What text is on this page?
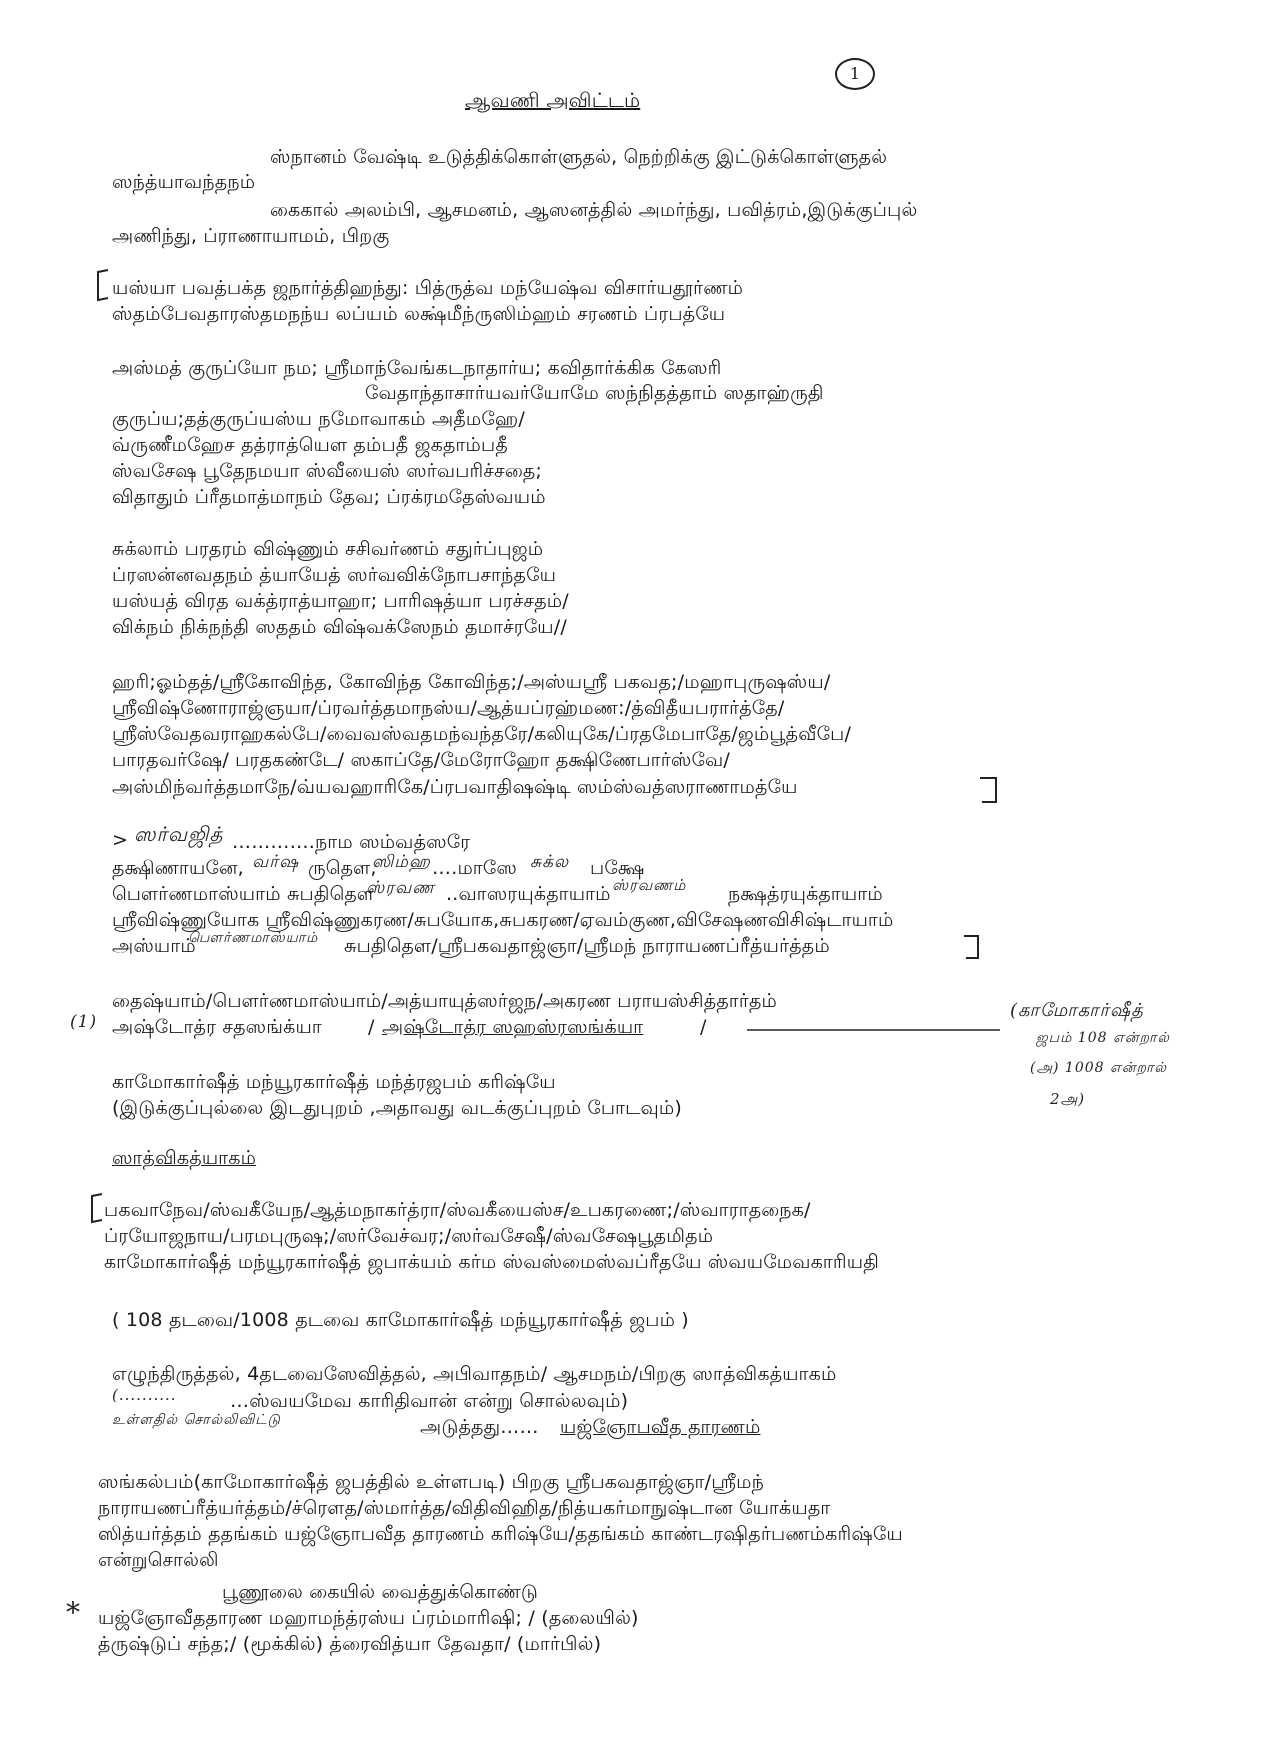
1
ஆவணி அவிட்டம்
ஸ்நானம் வேஷ்டி உடுத்திக்கொள்ளுதல், நெற்றிக்கு இட்டுக்கொள்ளுதல்
ஸந்த்யாவந்தநம்
கைகால் அலம்பி, ஆசமனம், ஆஸனத்தில் அமர்ந்து, பவித்ரம்,இடுக்குப்புல்
அணிந்து, ப்ராணாயாமம், பிறகு
யஸ்யா பவத்பக்த ஜநார்த்திஹந்து: பித்ருத்வ மந்யேஷ்வ விசார்யதூர்ணம்
ஸ்தம்பேவதாரஸ்தமநந்ய லப்யம் லக்ஷ்மீந்ருஸிம்ஹம் சரணம் ப்ரபத்யே
அஸ்மத் குருப்யோ நம; ஸ்ரீமாந்வேங்கடநாதார்ய; கவிதார்க்கிக கேஸரி
வேதாந்தாசார்யவர்யோமே ஸந்நிதத்தாம் ஸதாஹ்ருதி
குருப்ய;தத்குருப்யஸ்ய நமோவாகம் அதீமஹே/
வ்ருணீமஹேச தத்ராத்யௌ தம்பதீ ஜகதாம்பதீ
ஸ்வசேஷ பூதேநமயா ஸ்வீயைஸ் ஸர்வபரிச்சதை;
விதாதும் ப்ரீதமாத்மாநம் தேவ; ப்ரக்ரமதேஸ்வயம்
சுக்லாம் பரதரம் விஷ்ணும் சசிவர்ணம் சதுர்ப்புஜம்
ப்ரஸன்னவதநம் த்யாயேத் ஸர்வவிக்நோபசாந்தயே
யஸ்யத் விரத வக்த்ராத்யாஹா; பாரிஷத்யா பரச்சதம்/
விக்நம் நிக்நந்தி ஸததம் விஷ்வக்ஸேநம் தமாச்ரயே//
ஹரி;ஓம்தத்/ஸ்ரீகோவிந்த, கோவிந்த கோவிந்த;/அஸ்யஸ்ரீ பகவத;/மஹாபுருஷஸ்ய/
ஸ்ரீவிஷ்ணோராஜ்ஞயா/ப்ரவர்த்தமாநஸ்ய/ஆத்யப்ரஹ்மண:/த்விதீயபரார்த்தே/
ஸ்ரீஸ்வேதவராஹகல்பே/வைவஸ்வதமந்வந்தரே/கலியுகே/ப்ரதமேபாதே/ஜம்பூத்வீபே/
பாரதவர்ஷே/ பரதகண்டே/ ஸகாப்தே/மேரோஹோ தக்ஷிணேபார்ஸ்வே/
அஸ்மிந்வர்த்தமாநே/வ்யவஹாரிகே/ப்ரபவாதிஷஷ்டி ஸம்ஸ்வத்ஸராணாமத்யே
> ஸர்வஜித் ………….நாம ஸம்வத்ஸரே
தக்ஷிணாயனே, வர்ஷ ருதௌ,
ஸிம்ஹ ….மாஸே சுக்ல பக்ஷே
பௌர்ணமாஸ்யாம் சுபதிதௌ
ஸ்ரவண ..வாஸரயுக்தாயாம் ஸ்ரவணம் நக்ஷத்ரயுக்தாயாம்
ஸ்ரீவிஷ்ணுயோக ஸ்ரீவிஷ்ணுகரண/சுபயோக,சுபகரண/ஏவம்குண,விசேஷணவிசிஷ்டாயாம்
அஸ்யாம்
பௌர்ணமாஸ்யாம் சுபதிதௌ/ஸ்ரீபகவதாஜ்ஞா/ஸ்ரீமந் நாராயணப்ரீத்யர்த்தம்
தைஷ்யாம்/பௌர்ணமாஸ்யாம்/அத்யாயுத்ஸர்ஜந/அகரண பராயஸ்சித்தார்தம்
(1) அஷ்டோத்ர சதஸங்க்யா / அஷ்டோத்ர ஸஹஸ்ரஸங்க்யா	/
(காமோகார்ஷீத்
ஜபம் 108 என்றால்
(அ) 1008 என்றால்
2அ)
காமோகார்ஷீத் மந்யூரகார்ஷீத் மந்த்ரஜபம் கரிஷ்யே
(இடுக்குப்புல்லை இடதுபுறம் ,அதாவது வடக்குப்புறம் போடவும்)
ஸாத்விகத்யாகம்
பகவாநேவ/ஸ்வகீயேந/ஆத்மநாகர்த்ரா/ஸ்வகீயைஸ்ச/உபகரணை;/ஸ்வாராதநைக/
ப்ரயோஜநாய/பரமபுருஷ;/ஸர்வேச்வர;/ஸர்வசேஷீ/ஸ்வசேஷபூதமிதம்
காமோகார்ஷீத் மந்யூரகார்ஷீத் ஜபாக்யம் கர்ம ஸ்வஸ்மைஸ்வப்ரீதயே ஸ்வயமேவகாரியதி
( 108 தடவை/1008 தடவை காமோகார்ஷீத் மந்யூரகார்ஷீத் ஜபம் )
எழுந்திருத்தல், 4தடவைஸேவித்தல், அபிவாதநம்/ ஆசமநம்/பிறகு ஸாத்விகத்யாகம்
(..........	…ஸ்வயமேவ காரிதிவான் என்று சொல்லவும்)
உள்ளதில் சொல்லிவிட்டு	அடுத்தது…… யஜ்ஞோபவீத தாரணம்
ஸங்கல்பம்(காமோகார்ஷீத் ஜபத்தில் உள்ளபடி) பிறகு ஸ்ரீபகவதாஜ்ஞா/ஸ்ரீமந்
நாராயணப்ரீத்யர்த்தம்/ச்ரௌத/ஸ்மார்த்த/விதிவிஹித/நித்யகர்மாநுஷ்டான யோக்யதா
ஸித்யர்த்தம் ததங்கம் யஜ்ஞோபவீத தாரணம் கரிஷ்யே/ததங்கம் காண்டரஷிதர்பணம்கரிஷ்யே
என்றுசொல்லி
பூணூலை கையில் வைத்துக்கொண்டு
* யஜ்ஞோவீததாரண மஹாமந்த்ரஸ்ய ப்ரம்மாரிஷி; / (தலையில்)
த்ருஷ்டுப் சந்த;/ (மூக்கில்) த்ரைவித்யா தேவதா/ (மார்பில்)
